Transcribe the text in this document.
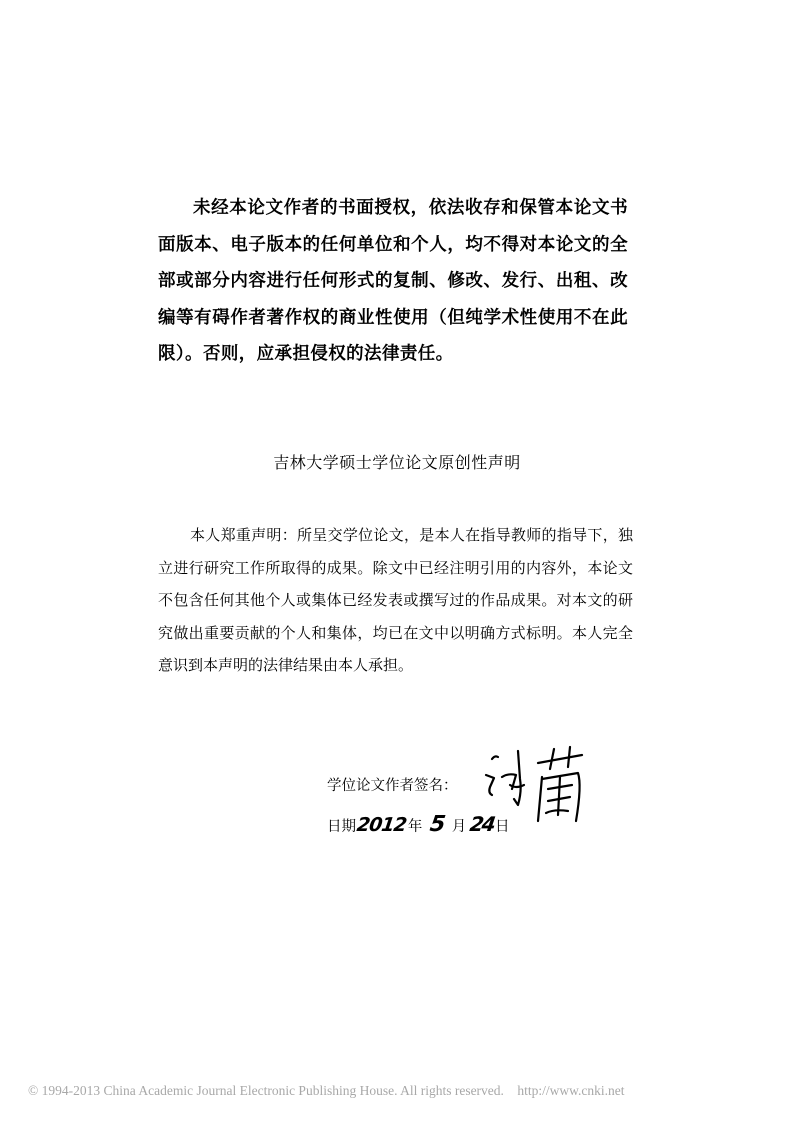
未经本论文作者的书面授权，依法收存和保管本论文书面版本、电子版本的任何单位和个人，均不得对本论文的全部或部分内容进行任何形式的复制、修改、发行、出租、改编等有碍作者著作权的商业性使用（但纯学术性使用不在此限）。否则，应承担侵权的法律责任。

吉林大学硕士学位论文原创性声明

本人郑重声明：所呈交学位论文，是本人在指导教师的指导下，独立进行研究工作所取得的成果。除文中已经注明引用的内容外，本论文不包含任何其他个人或集体已经发表或撰写过的作品成果。对本文的研究做出重要贡献的个人和集体，均已在文中以明确方式标明。本人完全意识到本声明的法律结果由本人承担。

学位论文作者签名：
日期 2012 年 5 月 24 日
© 1994-2013 China Academic Journal Electronic Publishing House. All rights reserved.    http://www.cnki.net
